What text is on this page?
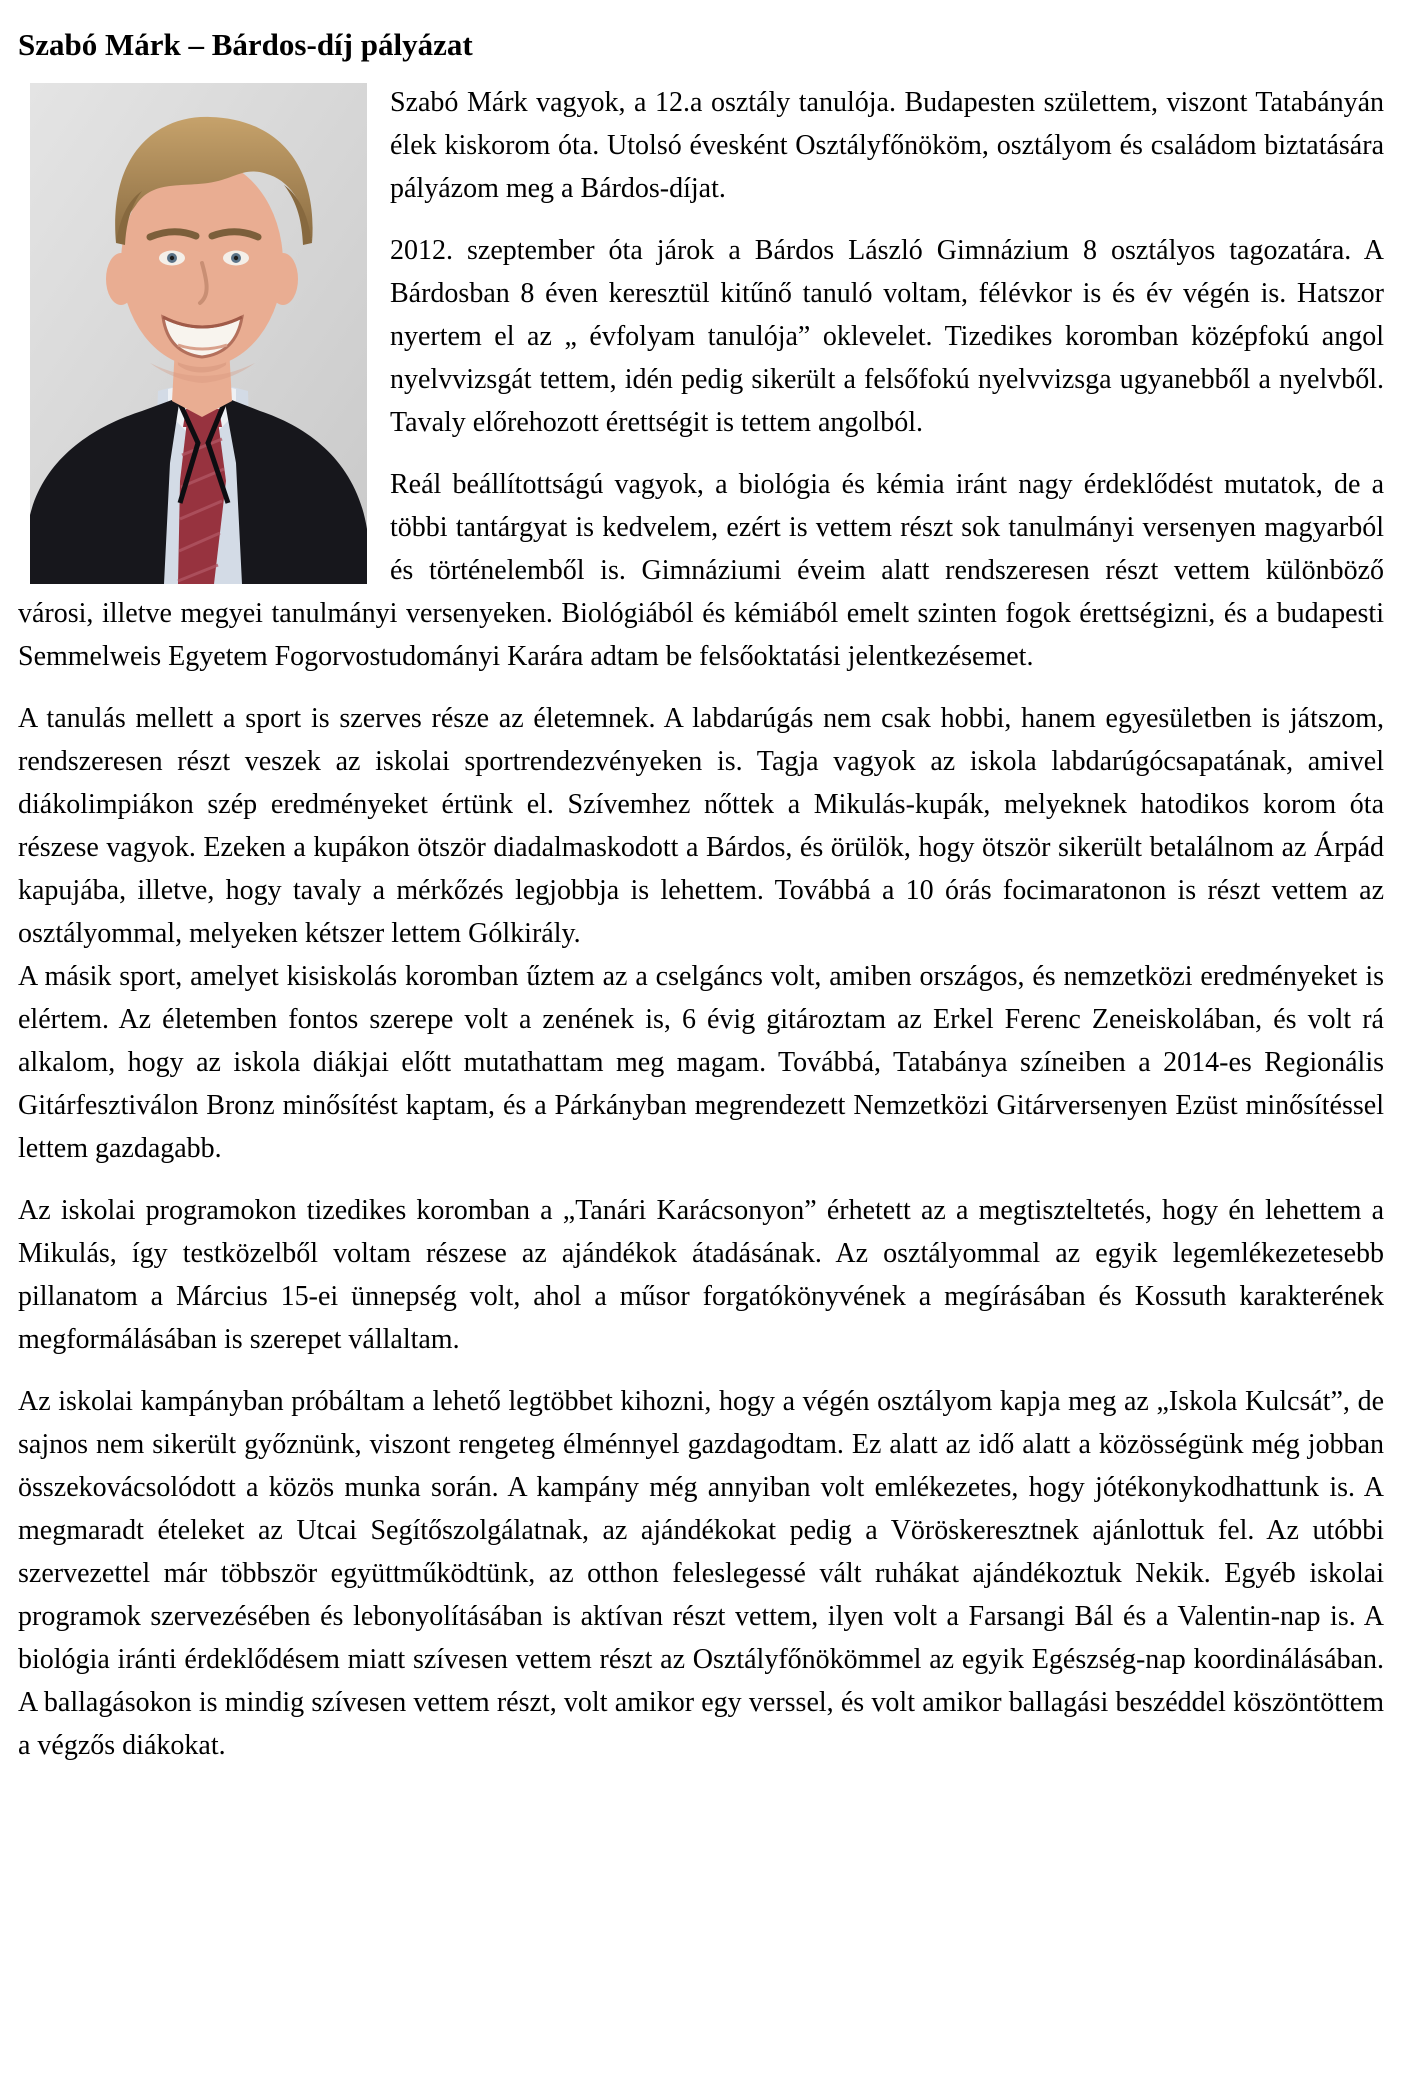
Szabó Márk – Bárdos-díj pályázat

Szabó Márk vagyok, a 12.a osztály tanulója. Budapesten születtem, viszont Tatabányán élek kiskorom óta. Utolsó évesként Osztályfőnököm, osztályom és családom biztatására pályázom meg a Bárdos-díjat.

2012. szeptember óta járok a Bárdos László Gimnázium 8 osztályos tagozatára. A Bárdosban 8 éven keresztül kitűnő tanuló voltam, félévkor is és év végén is. Hatszor nyertem el az „ évfolyam tanulója” oklevelet. Tizedikes koromban középfokú angol nyelvvizsgát tettem, idén pedig sikerült a felsőfokú nyelvvizsga ugyanebből a nyelvből. Tavaly előrehozott érettségit is tettem angolból.

Reál beállítottságú vagyok, a biológia és kémia iránt nagy érdeklődést mutatok, de a többi tantárgyat is kedvelem, ezért is vettem részt sok tanulmányi versenyen magyarból és történelemből is. Gimnáziumi éveim alatt rendszeresen részt vettem különböző városi, illetve megyei tanulmányi versenyeken. Biológiából és kémiából emelt szinten fogok érettségizni, és a budapesti Semmelweis Egyetem Fogorvostudományi Karára adtam be felsőoktatási jelentkezésemet.

A tanulás mellett a sport is szerves része az életemnek. A labdarúgás nem csak hobbi, hanem egyesületben is játszom, rendszeresen részt veszek az iskolai sportrendezvényeken is. Tagja vagyok az iskola labdarúgócsapatának, amivel diákolimpiákon szép eredményeket értünk el. Szívemhez nőttek a Mikulás-kupák, melyeknek hatodikos korom óta részese vagyok. Ezeken a kupákon ötször diadalmaskodott a Bárdos, és örülök, hogy ötször sikerült betalálnom az Árpád kapujába, illetve, hogy tavaly a mérkőzés legjobbja is lehettem. Továbbá a 10 órás focimaratonon is részt vettem az osztályommal, melyeken kétszer lettem Gólkirály.

A másik sport, amelyet kisiskolás koromban űztem az a cselgáncs volt, amiben országos, és nemzetközi eredményeket is elértem. Az életemben fontos szerepe volt a zenének is, 6 évig gitároztam az Erkel Ferenc Zeneiskolában, és volt rá alkalom, hogy az iskola diákjai előtt mutathattam meg magam. Továbbá, Tatabánya színeiben a 2014-es Regionális Gitárfesztiválon Bronz minősítést kaptam, és a Párkányban megrendezett Nemzetközi Gitárversenyen Ezüst minősítéssel lettem gazdagabb.

Az iskolai programokon tizedikes koromban a „Tanári Karácsonyon” érhetett az a megtiszteltetés, hogy én lehettem a Mikulás, így testközelből voltam részese az ajándékok átadásának. Az osztályommal az egyik legemlékezetesebb pillanatom a Március 15-ei ünnepség volt, ahol a műsor forgatókönyvének a megírásában és Kossuth karakterének megformálásában is szerepet vállaltam.

Az iskolai kampányban próbáltam a lehető legtöbbet kihozni, hogy a végén osztályom kapja meg az „Iskola Kulcsát”, de sajnos nem sikerült győznünk, viszont rengeteg élménnyel gazdagodtam. Ez alatt az idő alatt a közösségünk még jobban összekovácsolódott a közös munka során. A kampány még annyiban volt emlékezetes, hogy jótékonykodhattunk is. A megmaradt ételeket az Utcai Segítőszolgálatnak, az ajándékokat pedig a Vöröskeresztnek ajánlottuk fel. Az utóbbi szervezettel már többször együttműködtünk, az otthon feleslegessé vált ruhákat ajándékoztuk Nekik. Egyéb iskolai programok szervezésében és lebonyolításában is aktívan részt vettem, ilyen volt a Farsangi Bál és a Valentin-nap is. A biológia iránti érdeklődésem miatt szívesen vettem részt az Osztályfőnökömmel az egyik Egészség-nap koordinálásában. A ballagásokon is mindig szívesen vettem részt, volt amikor egy verssel, és volt amikor ballagási beszéddel köszöntöttem a végzős diákokat.
